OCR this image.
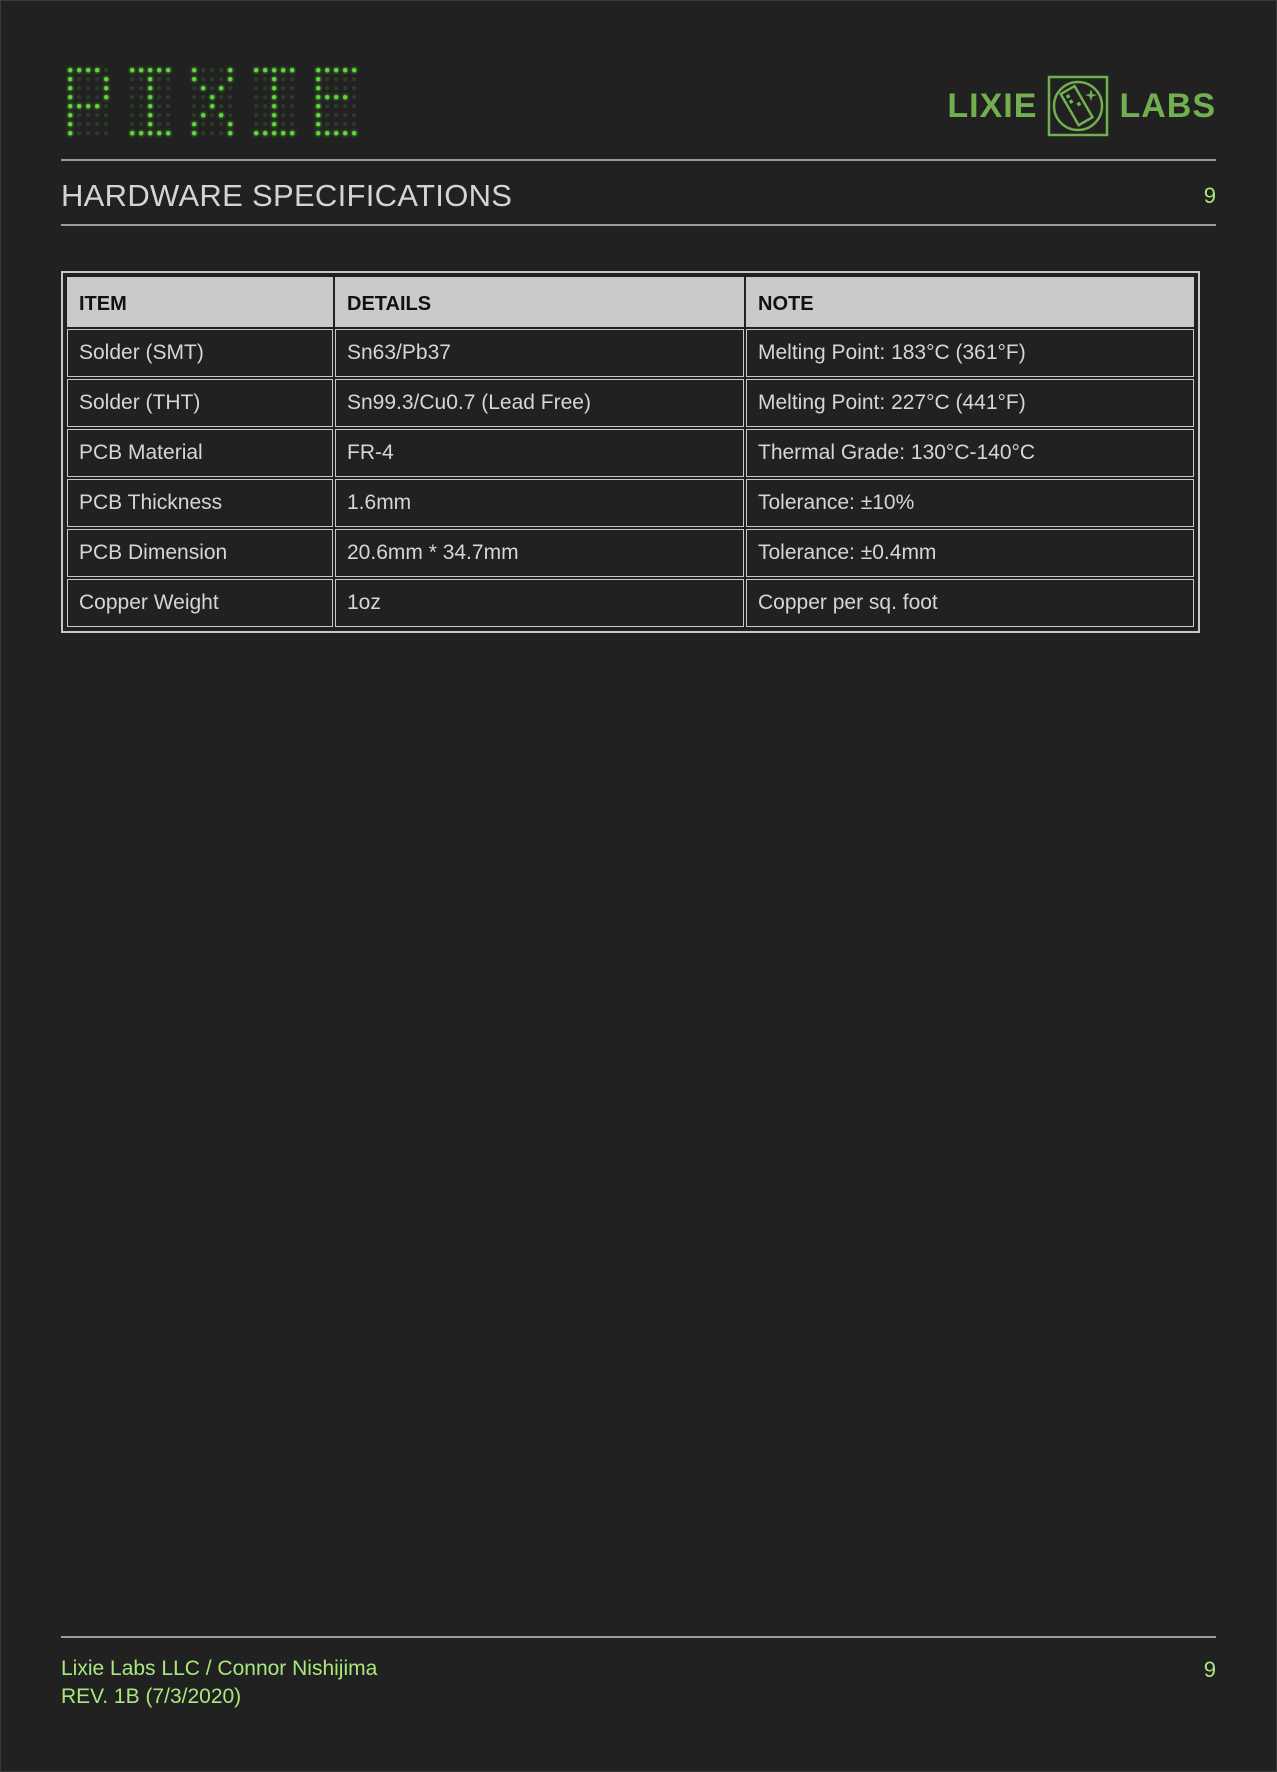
LIXIE LABS
HARDWARE SPECIFICATIONS	9
ITEM	DETAILS	NOTE
Solder (SMT)	Sn63/Pb37	Melting Point: 183°C (361°F)
Solder (THT)	Sn99.3/Cu0.7 (Lead Free)	Melting Point: 227°C (441°F)
PCB Material	FR-4	Thermal Grade: 130°C-140°C
PCB Thickness	1.6mm	Tolerance: ±10%
PCB Dimension	20.6mm * 34.7mm	Tolerance: ±0.4mm
Copper Weight	1oz	Copper per sq. foot
Lixie Labs LLC / Connor Nishijima
REV. 1B (7/3/2020)
9
